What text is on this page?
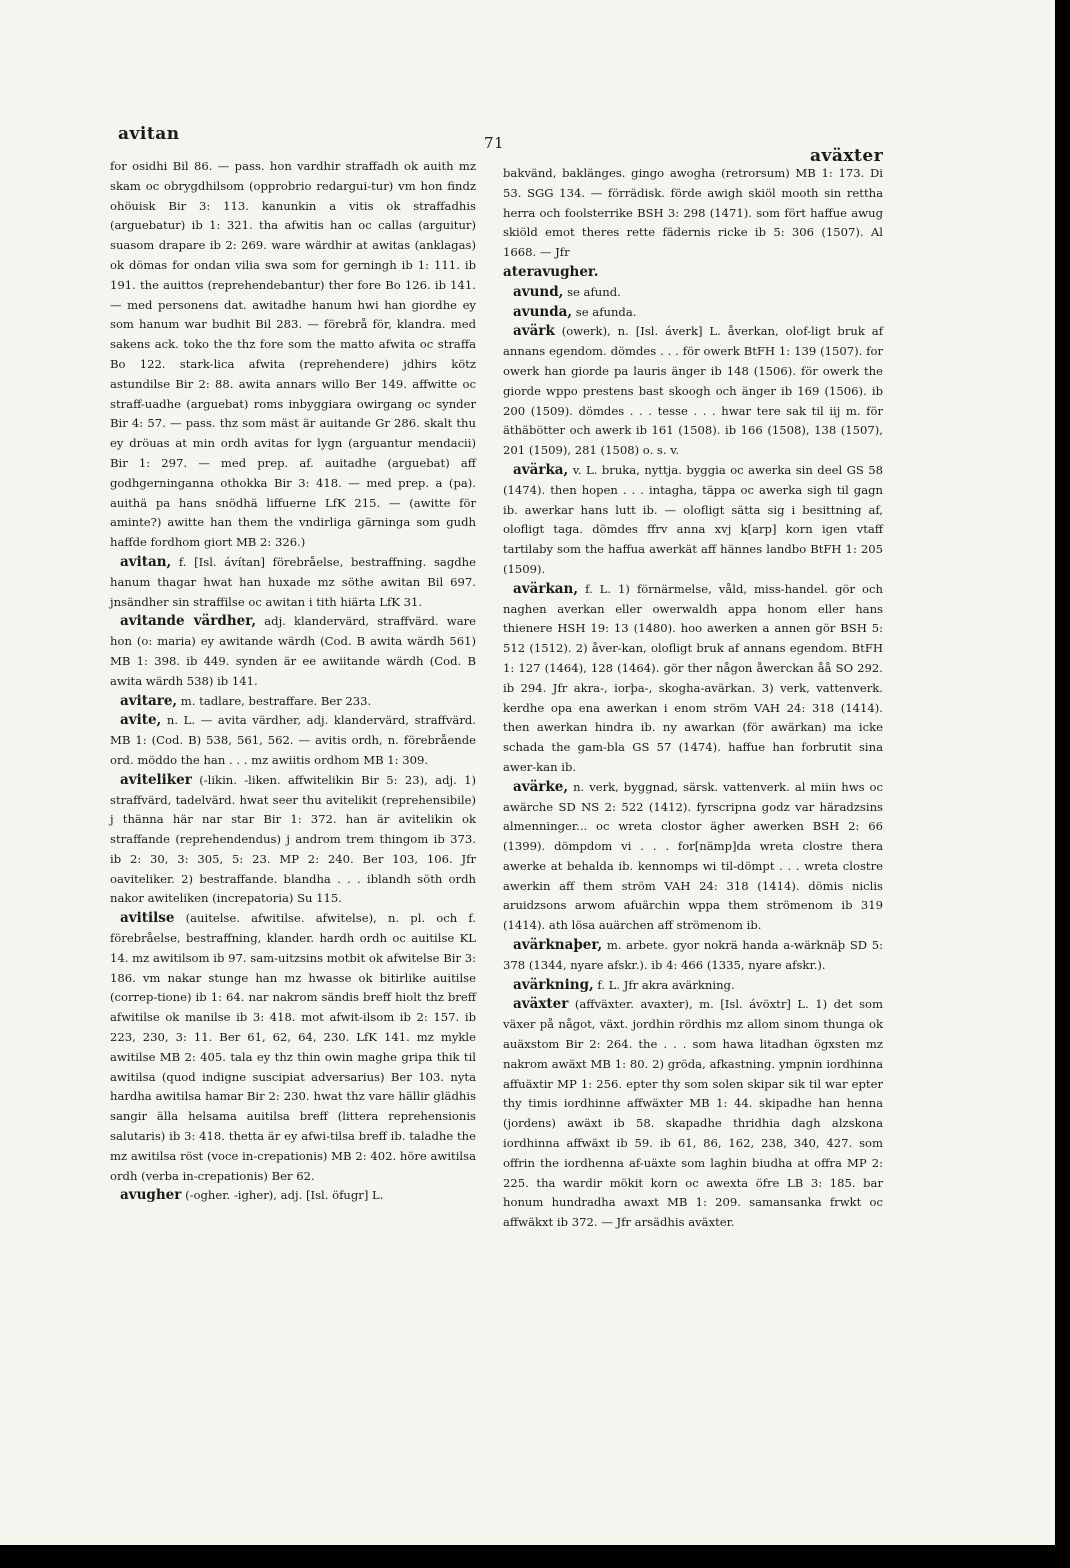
avitan	71
aväxter

for osidhi Bil 86. — pass. hon vardhir straffadh ok auith mz skam oc obrygdhilsom (opprobrio redargui-tur) vm hon findz ohöuisk Bir 3: 113. kanunkin a vitis ok straffadhis (arguebatur) ib 1: 321. tha afwitis han oc callas (arguitur) suasom drapare ib 2: 269. ware wärdhir at awitas (anklagas) ok dömas for ondan vilia swa som for gerningh ib 1: 111. ib 191. the auittos (reprehendebantur) ther fore Bo 126. ib 141. — med personens dat. awitadhe hanum hwi han giordhe ey som hanum war budhit Bil 283. — förebrå för, klandra. med sakens ack. toko the thz fore som the matto afwita oc straffa Bo 122. stark-lica afwita (reprehendere) jdhirs kötz astundilse Bir 2: 88. awita annars willo Ber 149. affwitte oc straff-uadhe (arguebat) roms inbyggiara owirgang oc synder Bir 4: 57. — pass. thz som mäst är auitande Gr 286. skalt thu ey dröuas at min ordh avitas for lygn (arguantur mendacii) Bir 1: 297. — med prep. af. auitadhe (arguebat) aff godhgerninganna othokka Bir 3: 418. — med prep. a (pa). auithä pa hans snödhä liffuerne LfK 215. — (awitte för aminte?) awitte han them the vndirliga gärninga som gudh haffde fordhom giort MB 2: 326.)

avitan, f. [Isl. ávítan] förebråelse, bestraffning. sagdhe hanum thagar hwat han huxade mz söthe awitan Bil 697. jnsändher sin straffilse oc awitan i tith hiärta LfK 31.

avitande värdher, adj. klandervärd, straffvärd. ware hon (o: maria) ey awitande wärdh (Cod. B awita wärdh 561) MB 1: 398. ib 449. synden är ee awiitande wärdh (Cod. B awita wärdh 538) ib 141.

avitare, m. tadlare, bestraffare. Ber 233.

avite, n. L. — avita värdher, adj. klandervärd, straffvärd. MB 1: (Cod. B) 538, 561, 562. — avitis ordh, n. förebrående ord. möddo the han . . . mz awiitis ordhom MB 1: 309.

aviteliker (-likin. -liken. affwitelikin Bir 5: 23), adj. 1) straffvärd, tadelvärd. hwat seer thu avitelikit (reprehensibile) j thänna här nar star Bir 1: 372. han är avitelikin ok straffande (reprehendendus) j androm trem thingom ib 373. ib 2: 30, 3: 305, 5: 23. MP 2: 240. Ber 103, 106. Jfr oaviteliker. 2) bestraffande. blandha . . . iblandh söth ordh nakor awiteliken (increpatoria) Su 115.

avitilse (auitelse. afwitilse. afwitelse), n. pl. och f. förebråelse, bestraffning, klander. hardh ordh oc auitilse KL 14. mz awitilsom ib 97. sam-uitzsins motbit ok afwitelse Bir 3: 186. vm nakar stunge han mz hwasse ok bitirlike auitilse (correp-tione) ib 1: 64. nar nakrom sändis breff hiolt thz breff afwitilse ok manilse ib 3: 418. mot afwit-ilsom ib 2: 157. ib 223, 230, 3: 11. Ber 61, 62, 64, 230. LfK 141. mz mykle awitilse MB 2: 405. tala ey thz thin owin maghe gripa thik til awitilsa (quod indigne suscipiat adversarius) Ber 103. nyta hardha awitilsa hamar Bir 2: 230. hwat thz vare hällir glädhis sangir älla helsama auitilsa breff (littera reprehensionis salutaris) ib 3: 418. thetta är ey afwi-tilsa breff ib. taladhe the mz awitilsa röst (voce in-crepationis) MB 2: 402. höre awitilsa ordh (verba in-crepationis) Ber 62.

avugher (-ogher. -igher), adj. [Isl. öfugr] L.

bakvänd, baklänges. gingo awogha (retrorsum) MB 1: 173. Di 53. SGG 134. — förrädisk. förde awigh skiöl mooth sin rettha herra och foolsterrike BSH 3: 298 (1471). som fört haffue awug skiöld emot theres rette fädernis ricke ib 5: 306 (1507). Al 1668. — Jfr

ateravugher.

avund, se afund.

avunda, se afunda.

avärk (owerk), n. [Isl. áverk] L. åverkan, olof-ligt bruk af annans egendom. dömdes . . . för owerk BtFH 1: 139 (1507). for owerk han giorde pa lauris änger ib 148 (1506). för owerk the giorde wppo prestens bast skoogh och änger ib 169 (1506). ib 200 (1509). dömdes . . . tesse . . . hwar tere sak til iij m. för äthäbötter och awerk ib 161 (1508). ib 166 (1508), 138 (1507), 201 (1509), 281 (1508) o. s. v.

avärka, v. L. bruka, nyttja. byggia oc awerka sin deel GS 58 (1474). then hopen . . . intagha, täppa oc awerka sigh til gagn ib. awerkar hans lutt ib. — olofligt sätta sig i besittning af, olofligt taga. dömdes ffrv anna xvj k[arp] korn igen vtaff tartilaby som the haffua awerkät aff hännes landbo BtFH 1: 205 (1509).

avärkan, f. L. 1) förnärmelse, våld, miss-handel. gör och naghen averkan eller owerwaldh appa honom eller hans thienere HSH 19: 13 (1480). hoo awerken a annen gör BSH 5: 512 (1512). 2) åver-kan, olofligt bruk af annans egendom. BtFH 1: 127 (1464), 128 (1464). gör ther någon åwerckan åå SO 292. ib 294. Jfr akra-, iorþa-, skogha-avärkan. 3) verk, vattenverk. kerdhe opa ena awerkan i enom ström VAH 24: 318 (1414). then awerkan hindra ib. ny awarkan (för awärkan) ma icke schada the gam-bla GS 57 (1474). haffue han forbrutit sina awer-kan ib.

avärke, n. verk, byggnad, särsk. vattenverk. al miin hws oc awärche SD NS 2: 522 (1412). fyrscripna godz var häradzsins almenninger... oc wreta clostor ägher awerken BSH 2: 66 (1399). dömpdom vi . . . for[nämp]da wreta clostre thera awerke at behalda ib. kennomps wi til-dömpt . . . wreta clostre awerkin aff them ström VAH 24: 318 (1414). dömis niclis aruidzsons arwom afuärchin wppa them strömenom ib 319 (1414). ath lösa auärchen aff strömenom ib.

avärknaþer, m. arbete. gyor nokrä handa a-wärknäþ SD 5: 378 (1344, nyare afskr.). ib 4: 466 (1335, nyare afskr.).

avärkning, f. L. Jfr akra avärkning.

aväxter (affväxter. avaxter), m. [Isl. ávöxtr] L. 1) det som växer på något, växt. jordhin rördhis mz allom sinom thunga ok auäxstom Bir 2: 264. the . . . som hawa litadhan ögxsten mz nakrom awäxt MB 1: 80. 2) gröda, afkastning. ympnin iordhinna affuäxtir MP 1: 256. epter thy som solen skipar sik til war epter thy timis iordhinne affwäxter MB 1: 44. skipadhe han henna (jordens) awäxt ib 58. skapadhe thridhia dagh alzskona iordhinna affwäxt ib 59. ib 61, 86, 162, 238, 340, 427. som offrin the iordhenna af-uäxte som laghin biudha at offra MP 2: 225. tha wardir mökit korn oc awexta öfre LB 3: 185. bar honum hundradha awaxt MB 1: 209. samansanka frwkt oc affwäkxt ib 372. — Jfr arsädhis aväxter.
